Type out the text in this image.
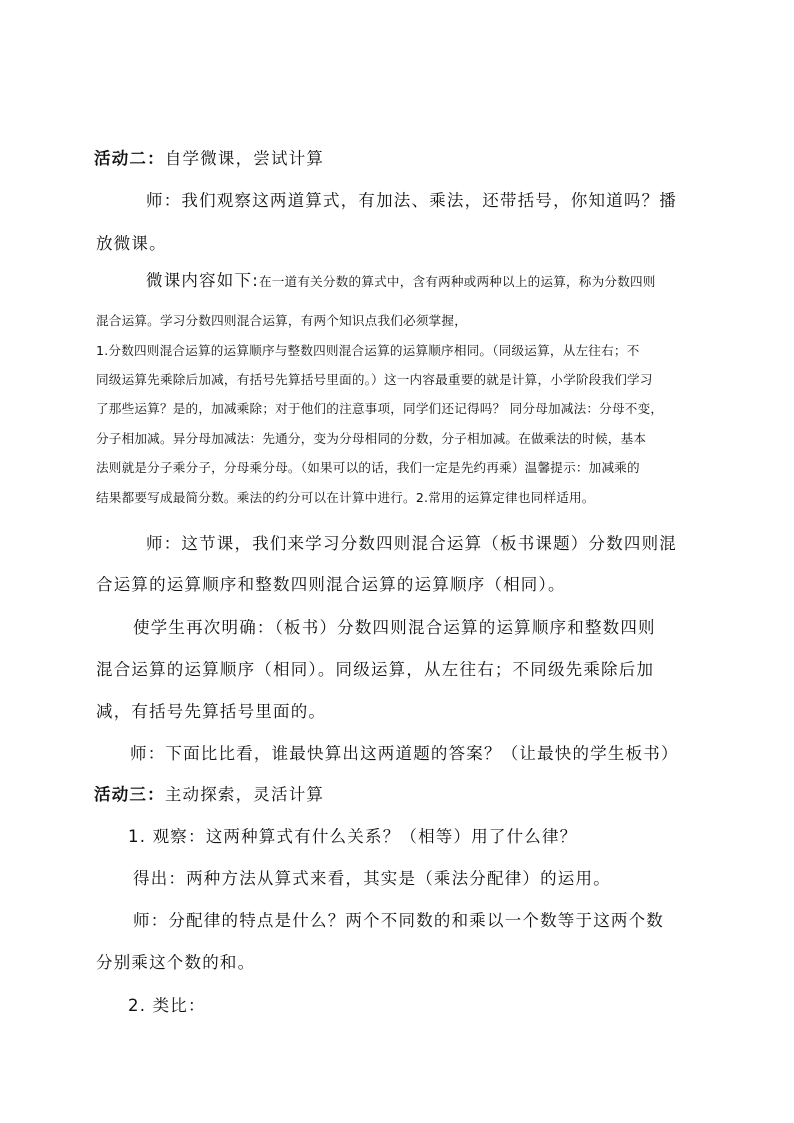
活动二：自学微课，尝试计算
师：我们观察这两道算式，有加法、乘法，还带括号，你知道吗？播
放微课。
微课内容如下:在一道有关分数的算式中，含有两种或两种以上的运算，称为分数四则
混合运算。学习分数四则混合运算，有两个知识点我们必须掌握，
1.分数四则混合运算的运算顺序与整数四则混合运算的运算顺序相同。（同级运算，从左往右；不
同级运算先乘除后加减，有括号先算括号里面的。）这一内容最重要的就是计算，小学阶段我们学习
了那些运算？是的，加减乘除；对于他们的注意事项，同学们还记得吗？ 同分母加减法：分母不变，
分子相加减。异分母加减法：先通分，变为分母相同的分数，分子相加减。在做乘法的时候，基本
法则就是分子乘分子，分母乘分母。（如果可以的话，我们一定是先约再乘）温馨提示：加减乘的
结果都要写成最简分数。乘法的约分可以在计算中进行。2.常用的运算定律也同样适用。
师：这节课，我们来学习分数四则混合运算（板书课题）分数四则混
合运算的运算顺序和整数四则混合运算的运算顺序（相同）。
使学生再次明确：（板书）分数四则混合运算的运算顺序和整数四则
混合运算的运算顺序（相同）。同级运算，从左往右；不同级先乘除后加
减，有括号先算括号里面的。
师：下面比比看，谁最快算出这两道题的答案？（让最快的学生板书）
活动三：主动探索，灵活计算
1. 观察：这两种算式有什么关系？（相等）用了什么律？
得出：两种方法从算式来看，其实是（乘法分配律）的运用。
师：分配律的特点是什么？两个不同数的和乘以一个数等于这两个数
分别乘这个数的和。
2. 类比：
